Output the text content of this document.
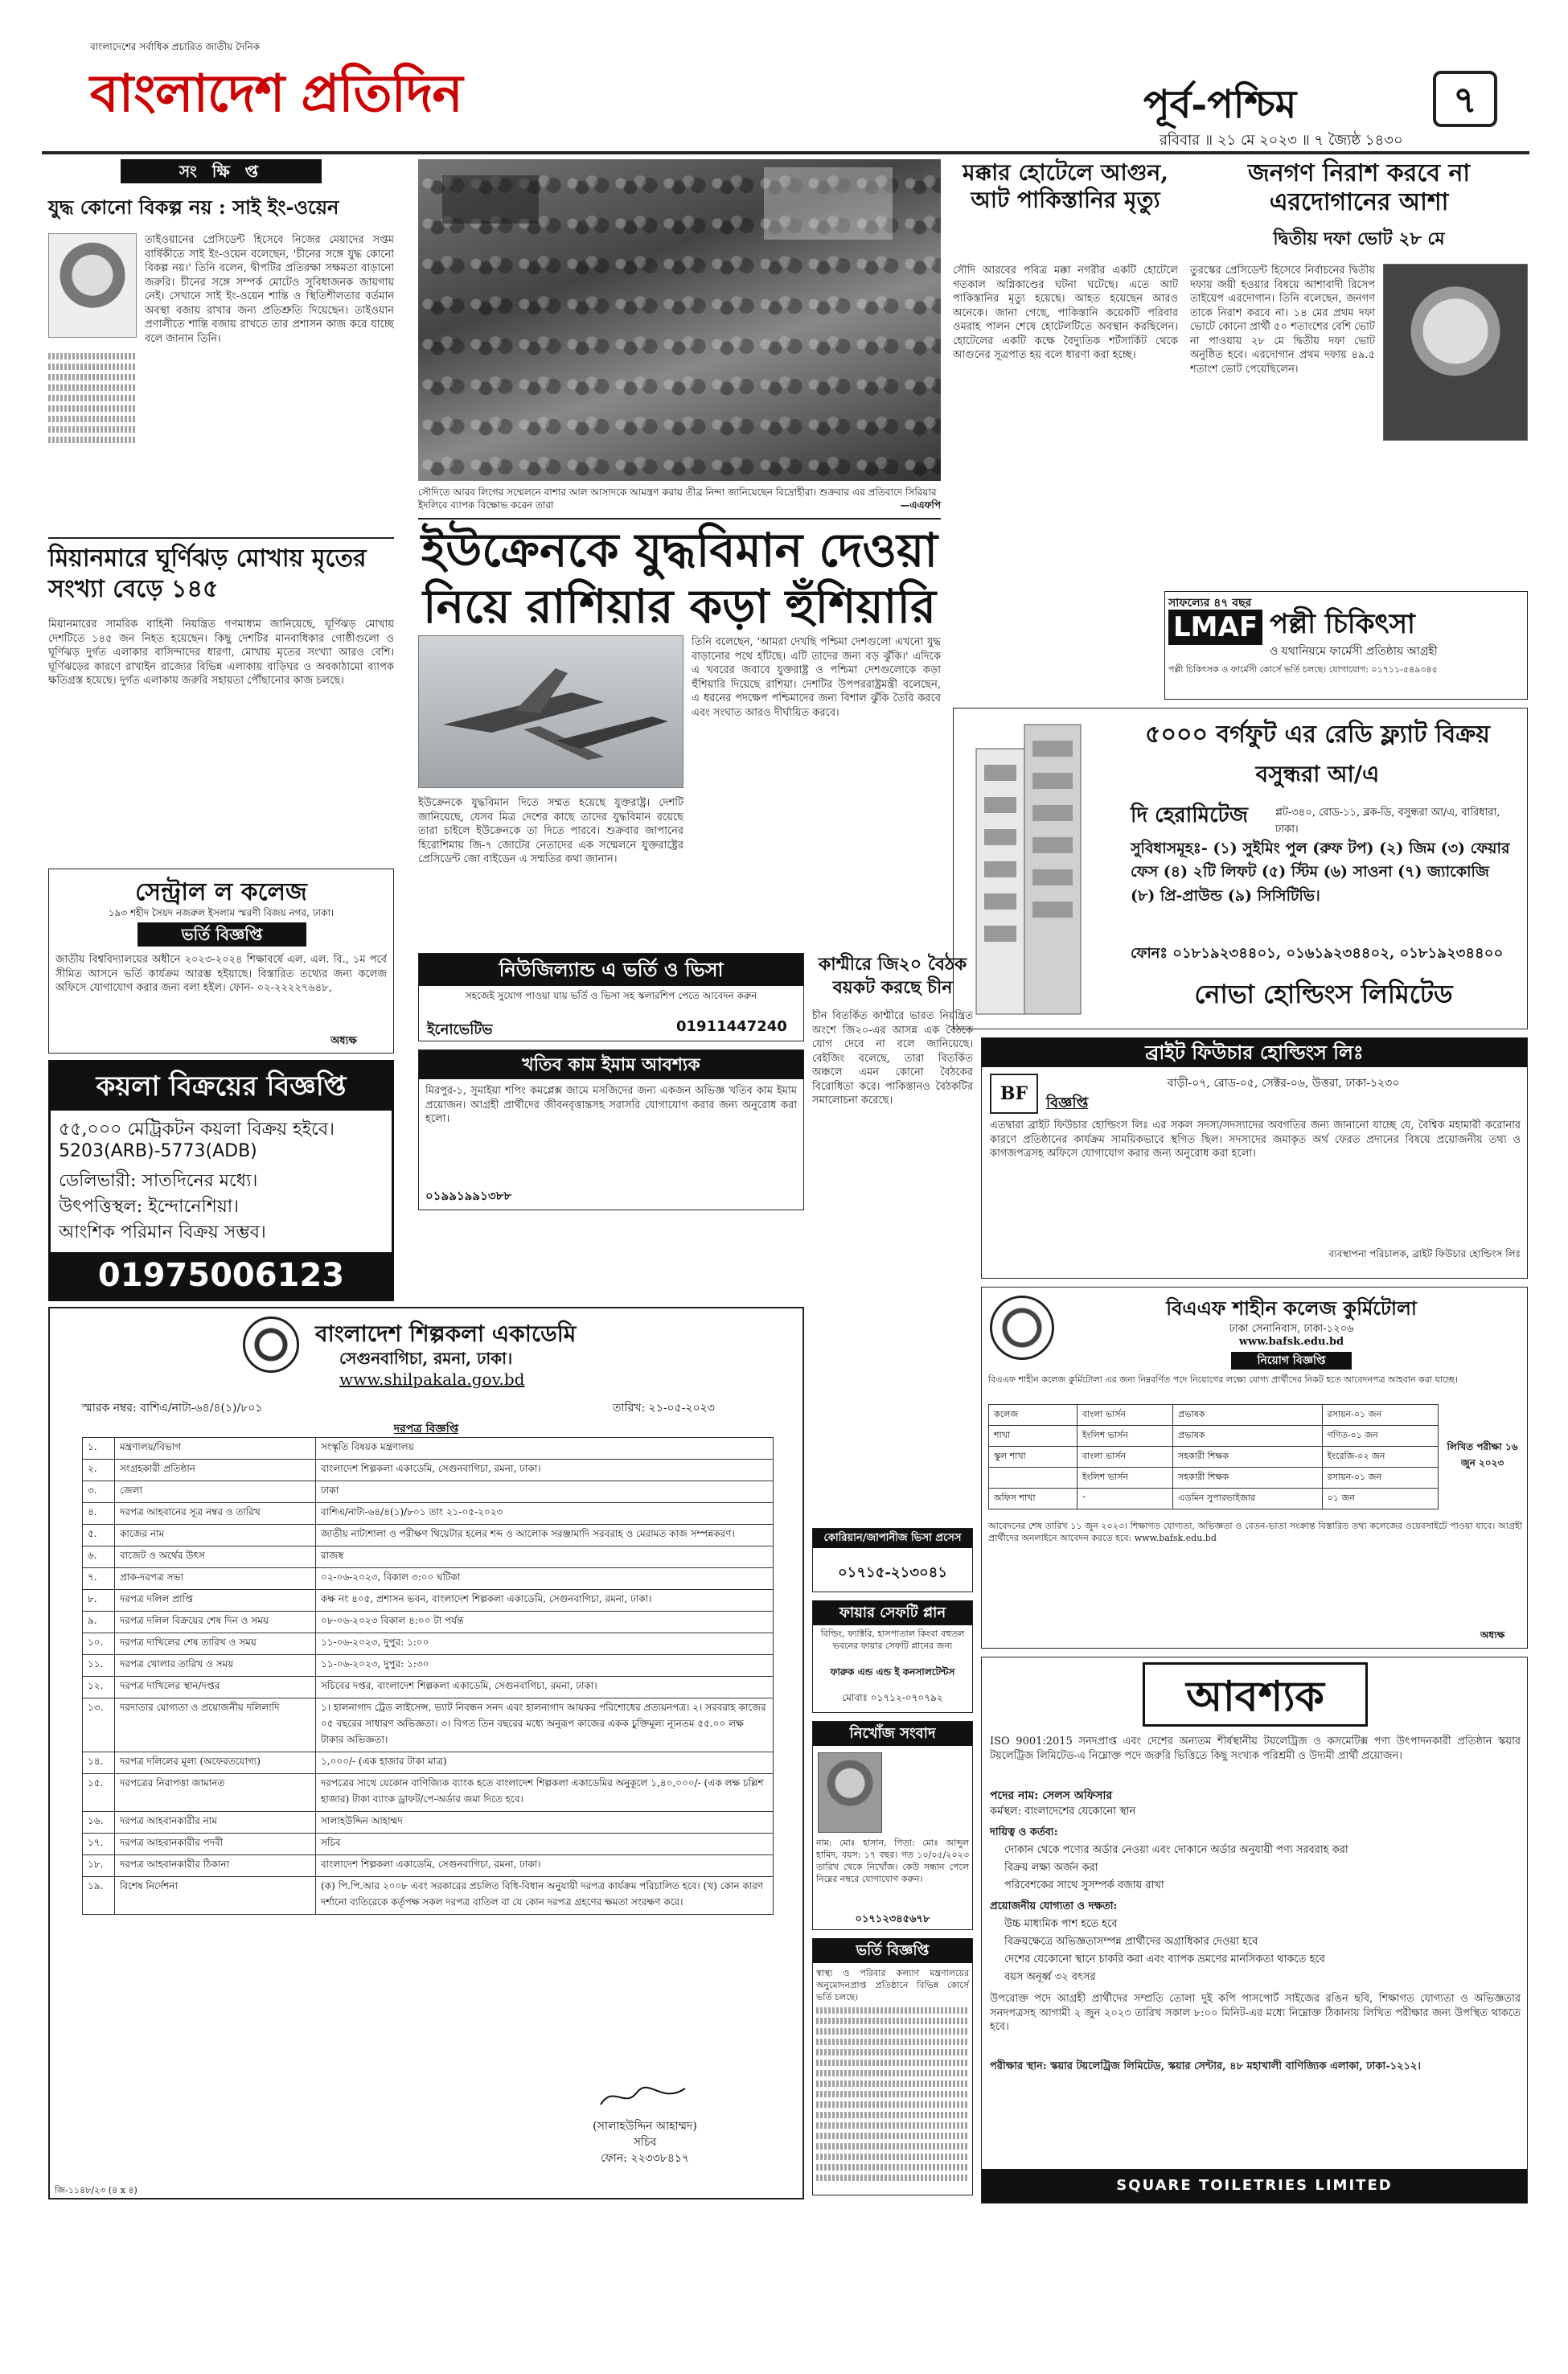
বাংলাদেশের সর্বাধিক প্রচারিত জাতীয় দৈনিক
বাংলাদেশ প্রতিদিন	পূর্ব-পশ্চিম	৭
রবিবার ॥ ২১ মে ২০২৩ ॥ ৭ জ্যৈষ্ঠ ১৪৩০
সং ক্ষি প্ত
যুদ্ধ কোনো বিকল্প নয় : সাই ইং-ওয়েন
তাইওয়ানের প্রেসিডেন্ট হিসেবে নিজের মেয়াদের সপ্তম বার্ষিকীতে সাই ইং-ওয়েন বলেছেন, 'চীনের সঙ্গে যুদ্ধ কোনো বিকল্প নয়।' তিনি বলেন, দ্বীপটির প্রতিরক্ষা সক্ষমতা বাড়ানো জরুরি। চীনের সঙ্গে সম্পর্ক মোটেও সুবিধাজনক জায়গায় নেই। সেখানে সাই ইং-ওয়েন শান্তি ও স্থিতিশীলতার বর্তমান অবস্থা বজায় রাখার জন্য প্রতিশ্রুতি দিয়েছেন। তাইওয়ান প্রণালীতে শান্তি বজায় রাখতে তার প্রশাসন কাজ করে যাচ্ছে বলে জানান তিনি।
মিয়ানমারে ঘূর্ণিঝড় মোখায় মৃতের সংখ্যা বেড়ে ১৪৫
মিয়ানমারের সামরিক বাহিনী নিয়ন্ত্রিত গণমাধ্যম জানিয়েছে, ঘূর্ণিঝড় মোখায় দেশটিতে ১৪৫ জন নিহত হয়েছেন। কিছু দেশটির মানবাধিকার গোষ্ঠীগুলো ও ঘূর্ণিঝড় দুর্গত এলাকার বাসিন্দাদের ধারণা, মোখায় মৃতের সংখ্যা আরও বেশি। ঘূর্ণিঝড়ের কারণে রাখাইন রাজ্যের বিভিন্ন এলাকায় বাড়িঘর ও অবকাঠামো ব্যাপক ক্ষতিগ্রস্ত হয়েছে। দুর্গত এলাকায় জরুরি সহায়তা পৌঁছানোর কাজ চলছে।
সৌদিতে আরব লিগের সম্মেলনে বাশার আল আসাদকে আমন্ত্রণ করায় তীব্র নিন্দা জানিয়েছেন বিদ্রোহীরা। শুক্রবার এর প্রতিবাদে সিরিয়ার ইদলিবে ব্যাপক বিক্ষোভ করেন তারা	—এএফপি
ইউক্রেনকে যুদ্ধবিমান দেওয়া
নিয়ে রাশিয়ার কড়া হুঁশিয়ারি
ইউক্রেনকে যুদ্ধবিমান দিতে সম্মত হয়েছে যুক্তরাষ্ট্র। দেশটি জানিয়েছে, যেসব মিত্র দেশের কাছে তাদের যুদ্ধবিমান রয়েছে তারা চাইলে ইউক্রেনকে তা দিতে পারবে। শুক্রবার জাপানের হিরোশিমায় জি-৭ জোটের নেতাদের এক সম্মেলনে যুক্তরাষ্ট্রের প্রেসিডেন্ট জো বাইডেন এ সম্মতির কথা জানান।
তিনি বলেছেন, 'আমরা দেখছি পশ্চিমা দেশগুলো এখনো যুদ্ধ বাড়ানোর পথে হাঁটছে। এটি তাদের জন্য বড় ঝুঁকি।' এদিকে এ খবরের জবাবে যুক্তরাষ্ট্র ও পশ্চিমা দেশগুলোকে কড়া হুঁশিয়ারি দিয়েছে রাশিয়া। দেশটির উপপররাষ্ট্রমন্ত্রী বলেছেন, এ ধরনের পদক্ষেপ পশ্চিমাদের জন্য বিশাল ঝুঁকি তৈরি করবে এবং সংঘাত আরও দীর্ঘায়িত করবে।
মক্কার হোটেলে আগুন, আট পাকিস্তানির মৃত্যু
সৌদি আরবের পবিত্র মক্কা নগরীর একটি হোটেলে গতকাল অগ্নিকাণ্ডের ঘটনা ঘটেছে। এতে আট পাকিস্তানির মৃত্যু হয়েছে। আহত হয়েছেন আরও অনেকে। জানা গেছে, পাকিস্তানি কয়েকটি পরিবার ওমরাহ পালন শেষে হোটেলটিতে অবস্থান করছিলেন। হোটেলের একটি কক্ষে বৈদ্যুতিক শর্টসার্কিট থেকে আগুনের সূত্রপাত হয় বলে ধারণা করা হচ্ছে।
জনগণ নিরাশ করবে না এরদোগানের আশা
দ্বিতীয় দফা ভোট ২৮ মে
তুরস্কের প্রেসিডেন্ট হিসেবে নির্বাচনের দ্বিতীয় দফায় জয়ী হওয়ার বিষয়ে আশাবাদী রিসেপ তাইয়েপ এরদোগান। তিনি বলেছেন, জনগণ তাকে নিরাশ করবে না। ১৪ মের প্রথম দফা ভোটে কোনো প্রার্থী ৫০ শতাংশের বেশি ভোট না পাওয়ায় ২৮ মে দ্বিতীয় দফা ভোট অনুষ্ঠিত হবে। এরদোগান প্রথম দফায় ৪৯.৫ শতাংশ ভোট পেয়েছিলেন।
সাফল্যের ৪৭ বছর
LMAF পল্লী চিকিৎসা
ও যথানিয়মে ফার্মেসী প্রতিষ্ঠায় আগ্রহী
পল্লী চিকিৎসক ও ফার্মেসী কোর্সে ভর্তি চলছে। যোগাযোগ: ০১৭১১-৫৪৯৩৪৫
৫০০০ বর্গফুট এর রেডি ফ্ল্যাট বিক্রয়
বসুন্ধরা আ/এ
দি হেরামিটেজ	প্লট-৩৪০, রোড-১১, ব্লক-ডি, বসুন্ধরা আ/এ, বারিধারা, ঢাকা।
সুবিধাসমূহঃ- (১) সুইমিং পুল (রুফ টপ) (২) জিম (৩) ফেয়ার ফেস (৪) ২টি লিফট (৫) স্টিম (৬) সাওনা (৭) জ্যাকোজি (৮) প্রি-প্রাউন্ড (৯) সিসিটিভি।
ফোনঃ ০১৮১৯২৩৪৪০১, ০১৬১৯২৩৪৪০২, ০১৮১৯২৩৪৪০০
নোভা হোল্ডিংস লিমিটেড
ব্রাইট ফিউচার হোল্ডিংস লিঃ
BF	বাড়ী-০৭, রোড-০৫, সেক্টর-০৬, উত্তরা, ঢাকা-১২৩০
বিজ্ঞপ্তি
এতদ্বারা ব্রাইট ফিউচার হোল্ডিংস লিঃ এর সকল সদস্য/সদস্যাদের অবগতির জন্য জানানো যাচ্ছে যে, বৈশ্বিক মহামারী করোনার কারণে প্রতিষ্ঠানের কার্যক্রম সাময়িকভাবে স্থগিত ছিল। সদস্যদের জমাকৃত অর্থ ফেরত প্রদানের বিষয়ে প্রয়োজনীয় তথ্য ও কাগজপত্রসহ অফিসে যোগাযোগ করার জন্য অনুরোধ করা হলো।
ব্যবস্থাপনা পরিচালক, ব্রাইট ফিউচার হোল্ডিংস লিঃ
সেন্ট্রাল ল কলেজ
১৯৩ শহীদ সৈয়দ নজরুল ইসলাম স্মরণী বিজয় নগর, ঢাকা।
ভর্তি বিজ্ঞপ্তি
জাতীয় বিশ্ববিদ্যালয়ের অধীনে ২০২৩-২০২৪ শিক্ষাবর্ষে এল. এল. বি., ১ম পর্বে সীমিত আসনে ভর্তি কার্যক্রম আরম্ভ হইয়াছে। বিস্তারিত তথ্যের জন্য কলেজ অফিসে যোগাযোগ করার জন্য বলা হইল। ফোন- ০২-২২২২৭৬৪৮,
অধ্যক্ষ
কয়লা বিক্রয়ের বিজ্ঞপ্তি
৫৫,০০০ মেট্রিকটন কয়লা বিক্রয় হইবে।
5203(ARB)-5773(ADB)
ডেলিভারী: সাতদিনের মধ্যে।
উৎপত্তিস্থল: ইন্দোনেশিয়া।
আংশিক পরিমান বিক্রয় সম্ভব।
01975006123
নিউজিল্যান্ড এ ভর্তি ও ভিসা
সহজেই সুযোগ পাওয়া যায় ভর্তি ও ভিসা সহ স্কলারশিপ পেতে আবেদন করুন
ইনোভেটিভ	01911447240
খতিব কাম ইমাম আবশ্যক
মিরপুর-১, সুমাইয়া শপিং কমপ্লেক্স জামে মসজিদের জন্য একজন অভিজ্ঞ খতিব কাম ইমাম প্রয়োজন। আগ্রহী প্রার্থীদের জীবনবৃত্তান্তসহ সরাসরি যোগাযোগ করার জন্য অনুরোধ করা হলো।
০১৯৯১৯৯১৩৮৮
কাশ্মীরে জি২০ বৈঠক বয়কট করছে চীন
চীন বিতর্কিত কাশ্মীরে ভারত নিয়ন্ত্রিত অংশে জি২০-এর আসন্ন এক বৈঠকে যোগ দেবে না বলে জানিয়েছে। বেইজিং বলেছে, তারা বিতর্কিত অঞ্চলে এমন কোনো বৈঠকের বিরোধিতা করে। পাকিস্তানও বৈঠকটির সমালোচনা করেছে।
বাংলাদেশ শিল্পকলা একাডেমি
সেগুনবাগিচা, রমনা, ঢাকা।
www.shilpakala.gov.bd
স্মারক নম্বর: বাশিএ/নাট্য-৬৪/৪(১)/৮০১	তারিখ: ২১-০৫-২০২৩
দরপত্র বিজ্ঞপ্তি
১.	মন্ত্রণালয়/বিভাগ	সংস্কৃতি বিষয়ক মন্ত্রণালয়
২.	সংগ্রহকারী প্রতিষ্ঠান	বাংলাদেশ শিল্পকলা একাডেমি, সেগুনবাগিচা, রমনা, ঢাকা।
৩.	জেলা	ঢাকা
৪.	দরপত্র আহবানের সূত্র নম্বর ও তারিখ	বাশিএ/নাট্য-৬৪/৪(১)/৮০১ তাং ২১-০৫-২০২৩
৫.	কাজের নাম	জাতীয় নাট্যশালা ও পরীক্ষণ থিয়েটার হলের শব্দ ও আলোক সরঞ্জামাদি সরবরাহ ও মেরামত কাজ সম্পন্নকরণ।
৬.	বাজেট ও অর্থের উৎস	রাজস্ব
৭.	প্রাক-দরপত্র সভা	০২-০৬-২০২৩, বিকাল ৩:০০ ঘটিকা
৮.	দরপত্র দলিল প্রাপ্তি	কক্ষ নং ৪০৫, প্রশাসন ভবন, বাংলাদেশ শিল্পকলা একাডেমি, সেগুনবাগিচা, রমনা, ঢাকা।
৯.	দরপত্র দলিল বিক্রয়ের শেষ দিন ও সময়	০৮-০৬-২০২৩ বিকাল ৪:০০ টা পর্যন্ত
১০.	দরপত্র দাখিলের শেষ তারিখ ও সময়	১১-০৬-২০২৩, দুপুর: ১:০০
১১.	দরপত্র খোলার তারিখ ও সময়	১১-০৬-২০২৩, দুপুর: ১:৩০
১২.	দরপত্র দাখিলের স্থান/দপ্তর	সচিবের দপ্তর, বাংলাদেশ শিল্পকলা একাডেমি, সেগুনবাগিচা, রমনা, ঢাকা।
১৩.	দরদাতার যোগ্যতা ও প্রয়োজনীয় দলিলাদি	১। হালনাগাদ ট্রেড লাইসেন্স, ভ্যাট নিবন্ধন সনদ এবং হালনাগাদ আয়কর পরিশোধের প্রত্যয়নপত্র। ২। সরবরাহ কাজের ০৫ বছরের সাধারণ অভিজ্ঞতা। ৩। বিগত তিন বছরের মধ্যে অনুরূপ কাজের একক চুক্তিমূল্য ন্যূনতম ৫৫.০০ লক্ষ টাকার অভিজ্ঞতা।
১৪.	দরপত্র দলিলের মূল্য (অফেরতযোগ্য)	১,০০০/- (এক হাজার টাকা মাত্র)
১৫.	দরপত্রের নিরাপত্তা জামানত	দরপত্রের সাথে যেকোন বাণিজ্যিক ব্যাংক হতে বাংলাদেশ শিল্পকলা একাডেমির অনুকূলে ১,৪০,০০০/- (এক লক্ষ চল্লিশ হাজার) টাকা ব্যাংক ড্রাফট/পে-অর্ডার জমা দিতে হবে।
১৬.	দরপত্র আহবানকারীর নাম	সালাহউদ্দিন আহাম্মদ
১৭.	দরপত্র আহবানকারীর পদবী	সচিব
১৮.	দরপত্র আহবানকারীর ঠিকানা	বাংলাদেশ শিল্পকলা একাডেমি, সেগুনবাগিচা, রমনা, ঢাকা।
১৯.	বিশেষ নির্দেশনা	(ক) পি.পি.আর ২০০৮ এবং সরকারের প্রচলিত বিধি-বিধান অনুযায়ী দরপত্র কার্যক্রম পরিচালিত হবে। (খ) কোন কারণ দর্শানো ব্যতিরেকে কর্তৃপক্ষ সকল দরপত্র বাতিল বা যে কোন দরপত্র গ্রহণের ক্ষমতা সংরক্ষণ করে।
(সালাহউদ্দিন আহাম্মদ)
সচিব
ফোন: ২২৩৩৮৪১৭
জি-১১৪৮/২৩ (৪ x ৪)
কোরিয়ান/জাপানীজ ভিসা প্রসেস
০১৭১৫-২১৩০৪১
ফায়ার সেফটি প্লান
বিল্ডিং, ফ্যাক্টরি, হাসপাতাল কিংবা বহুতল ভবনের ফায়ার সেফটি প্লানের জন্য
ফারুক এন্ড এন্ড ই কনসালটেন্টস
মোবাঃ ০১৭১২-০৭০৭৯২
নিখোঁজ সংবাদ
নাম: মোঃ হাসান, পিতা: মোঃ আব্দুল হামিদ, বয়স: ১৭ বছর। গত ১০/০৫/২০২৩ তারিখ থেকে নিখোঁজ। কেউ সন্ধান পেলে নিম্নের নম্বরে যোগাযোগ করুন।
০১৭১২৩৪৫৬৭৮
ভর্তি বিজ্ঞপ্তি
স্বাস্থ্য ও পরিবার কল্যাণ মন্ত্রণালয়ের অনুমোদনপ্রাপ্ত প্রতিষ্ঠানে বিভিন্ন কোর্সে ভর্তি চলছে।
বিএএফ শাহীন কলেজ কুর্মিটোলা
ঢাকা সেনানিবাস, ঢাকা-১২০৬
www.bafsk.edu.bd
নিয়োগ বিজ্ঞপ্তি
বিএএফ শাহীন কলেজ কুর্মিটোলা এর জন্য নিম্নবর্ণিত পদে নিয়োগের লক্ষ্যে যোগ্য প্রার্থীদের নিকট হতে আবেদনপত্র আহবান করা যাচ্ছে।
কলেজ	বাংলা ভার্সন	প্রভাষক	রসায়ন-০১ জন
শাখা	ইংলিশ ভার্সন	প্রভাষক	গণিত-০১ জন
স্কুল শাখা	বাংলা ভার্সন	সহকারী শিক্ষক	ইংরেজি-০২ জন
	ইংলিশ ভার্সন	সহকারী শিক্ষক	রসায়ন-০১ জন
অফিস শাখা	-	এডমিন সুপারভাইজার	০১ জন
লিখিত পরীক্ষা ১৬ জুন ২০২৩
আবেদনের শেষ তারিখ ১১ জুন ২০২৩। শিক্ষাগত যোগ্যতা, অভিজ্ঞতা ও বেতন-ভাতা সংক্রান্ত বিস্তারিত তথ্য কলেজের ওয়েবসাইটে পাওয়া যাবে। আগ্রহী প্রার্থীদের অনলাইনে আবেদন করতে হবে: www.bafsk.edu.bd
অধ্যক্ষ
আবশ্যক
ISO 9001:2015 সনদপ্রাপ্ত এবং দেশের অন্যতম শীর্ষস্থানীয় টয়লেট্রিজ ও কসমেটিক্স পণ্য উৎপাদনকারী প্রতিষ্ঠান স্কয়ার টয়লেট্রিজ লিমিটেড-এ নিম্নোক্ত পদে জরুরি ভিত্তিতে কিছু সংখ্যক পরিশ্রমী ও উদ্যমী প্রার্থী প্রয়োজন।
পদের নাম: সেলস অফিসার
কর্মস্থল: বাংলাদেশের যেকোনো স্থান
দায়িত্ব ও কর্তব্য:
দোকান থেকে পণ্যের অর্ডার নেওয়া এবং দোকানে অর্ডার অনুযায়ী পণ্য সরবরাহ করা
বিক্রয় লক্ষ্য অর্জন করা
পরিবেশকের সাথে সুসম্পর্ক বজায় রাখা
প্রয়োজনীয় যোগ্যতা ও দক্ষতা:
উচ্চ মাধ্যমিক পাশ হতে হবে
বিক্রয়ক্ষেত্রে অভিজ্ঞতাসম্পন্ন প্রার্থীদের অগ্রাধিকার দেওয়া হবে
দেশের যেকোনো স্থানে চাকরি করা এবং ব্যাপক ভ্রমণের মানসিকতা থাকতে হবে
বয়স অনূর্ধ্ব ৩২ বৎসর
উপরোক্ত পদে আগ্রহী প্রার্থীদের সম্প্রতি তোলা দুই কপি পাসপোর্ট সাইজের রঙিন ছবি, শিক্ষাগত যোগ্যতা ও অভিজ্ঞতার সনদপত্রসহ আগামী ২ জুন ২০২৩ তারিখ সকাল ৮:০০ মিনিট-এর মধ্যে নিম্নোক্ত ঠিকানায় লিখিত পরীক্ষার জন্য উপস্থিত থাকতে হবে।
পরীক্ষার স্থান: স্কয়ার টয়লেট্রিজ লিমিটেড, স্কয়ার সেন্টার, ৪৮ মহাখালী বাণিজ্যিক এলাকা, ঢাকা-১২১২।
SQUARE TOILETRIES LIMITED
